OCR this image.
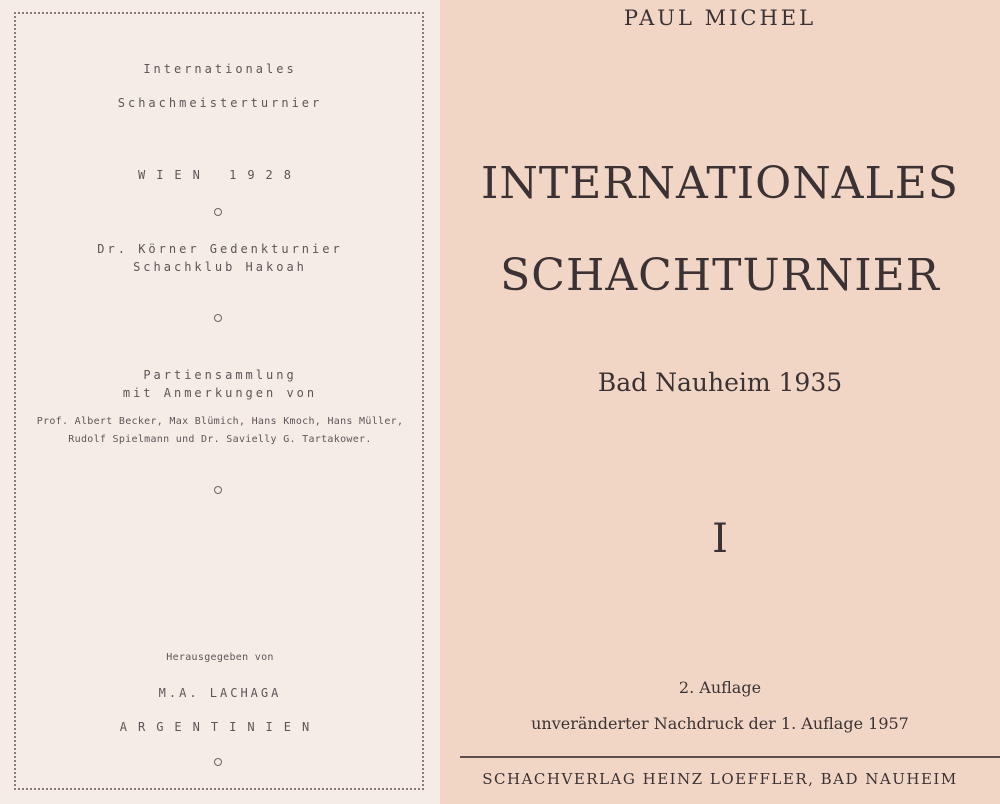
Internationales
Schachmeisterturnier
WIEN 1928
Dr. Körner Gedenkturnier
Schachklub Hakoah
Partiensammlung
mit Anmerkungen von
Prof. Albert Becker, Max Blümich, Hans Kmoch, Hans Müller,
Rudolf Spielmann und Dr. Savielly G. Tartakower.
Herausgegeben von
M.A. LACHAGA
ARGENTINIEN
PAUL MICHEL
INTERNATIONALES
SCHACHTURNIER
Bad Nauheim 1935
I
2. Auflage
unveränderter Nachdruck der 1. Auflage 1957
SCHACHVERLAG HEINZ LOEFFLER, BAD NAUHEIM
